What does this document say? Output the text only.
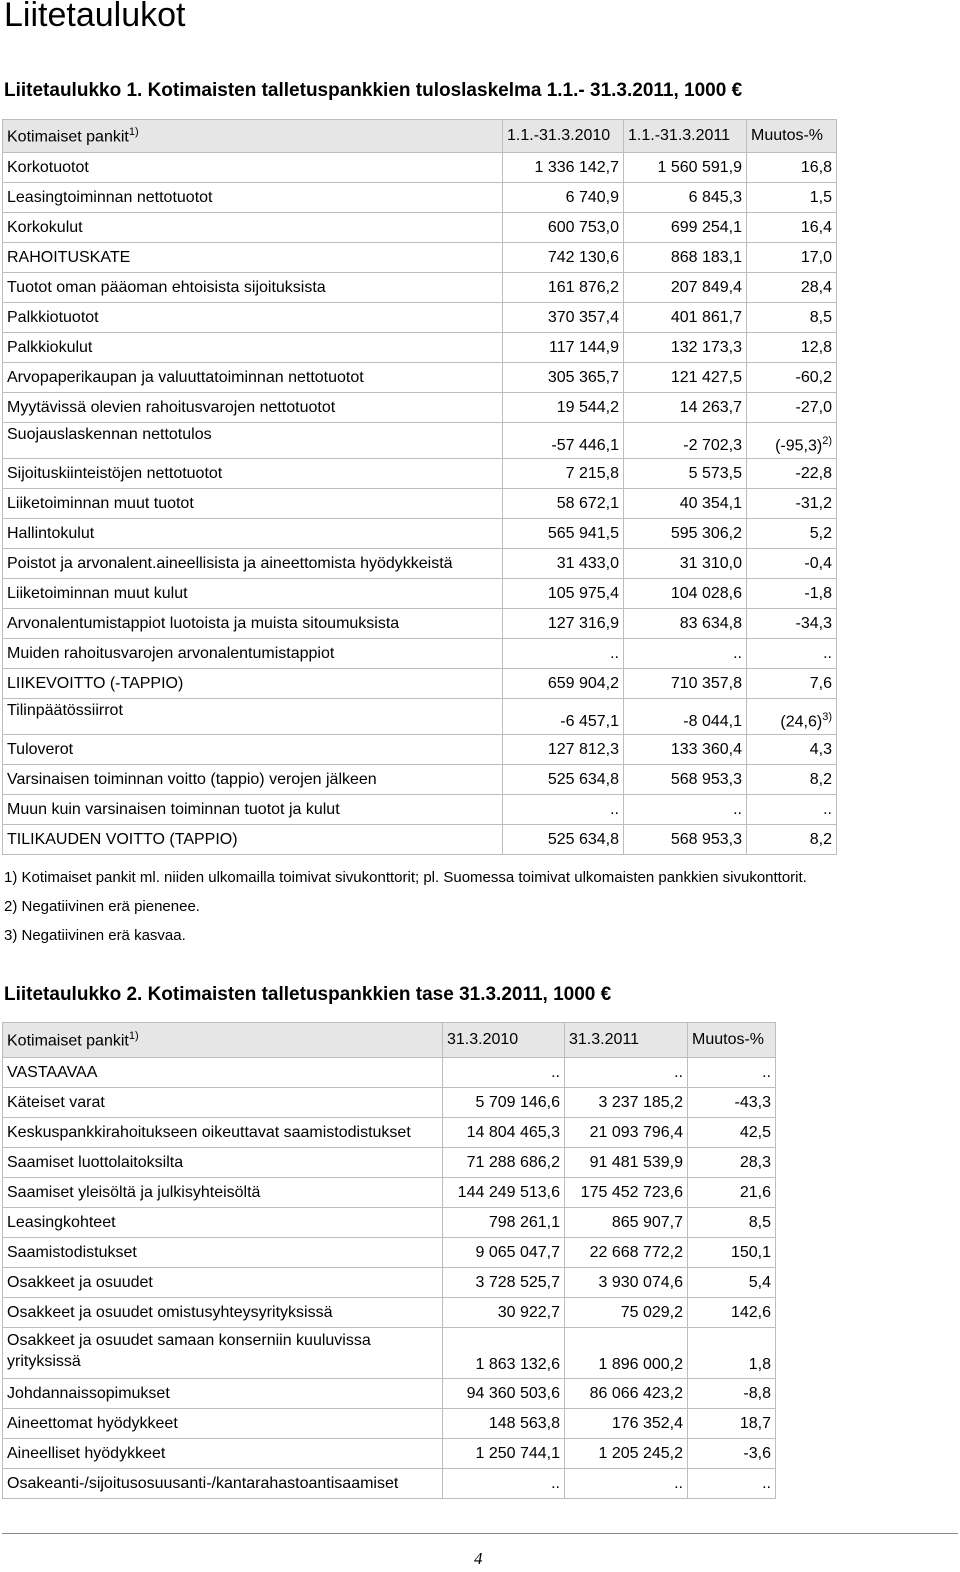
Liitetaulukot
Liitetaulukko 1. Kotimaisten talletuspankkien tuloslaskelma 1.1.- 31.3.2011, 1000 €
Kotimaiset pankit$^{1)}$	1.1.-31.3.2010	1.1.-31.3.2011	Muutos-%
Korkotuotot	1 336 142,7	1 560 591,9	16,8
Leasingtoiminnan nettotuotot	6 740,9	6 845,3	1,5
Korkokulut	600 753,0	699 254,1	16,4
RAHOITUSKATE	742 130,6	868 183,1	17,0
Tuotot oman pääoman ehtoisista sijoituksista	161 876,2	207 849,4	28,4
Palkkiotuotot	370 357,4	401 861,7	8,5
Palkkiokulut	117 144,9	132 173,3	12,8
Arvopaperikaupan ja valuuttatoiminnan nettotuotot	305 365,7	121 427,5	-60,2
Myytävissä olevien rahoitusvarojen nettotuotot	19 544,2	14 263,7	-27,0
Suojauslaskennan nettotulos	-57 446,1	-2 702,3	$(-95,3)^{2)}$
Sijoituskiinteistöjen nettotuotot	7 215,8	5 573,5	-22,8
Liiketoiminnan muut tuotot	58 672,1	40 354,1	-31,2
Hallintokulut	565 941,5	595 306,2	5,2
Poistot ja arvonalent.aineellisista ja aineettomista hyödykkeistä	31 433,0	31 310,0	-0,4
Liiketoiminnan muut kulut	105 975,4	104 028,6	-1,8
Arvonalentumistappiot luotoista ja muista sitoumuksista	127 316,9	83 634,8	-34,3
Muiden rahoitusvarojen arvonalentumistappiot	..	..	..
LIIKEVOITTO (-TAPPIO)	659 904,2	710 357,8	7,6
Tilinpäätössiirrot	-6 457,1	-8 044,1	$(24,6)^{3)}$
Tuloverot	127 812,3	133 360,4	4,3
Varsinaisen toiminnan voitto (tappio) verojen jälkeen	525 634,8	568 953,3	8,2
Muun kuin varsinaisen toiminnan tuotot ja kulut	..	..	..
TILIKAUDEN VOITTO (TAPPIO)	525 634,8	568 953,3	8,2
1) Kotimaiset pankit ml. niiden ulkomailla toimivat sivukonttorit; pl. Suomessa toimivat ulkomaisten pankkien sivukonttorit.
2) Negatiivinen erä pienenee.
3) Negatiivinen erä kasvaa.
Liitetaulukko 2. Kotimaisten talletuspankkien tase 31.3.2011, 1000 €
Kotimaiset pankit$^{1)}$	31.3.2010	31.3.2011	Muutos-%
VASTAAVAA	..	..	..
Käteiset varat	5 709 146,6	3 237 185,2	-43,3
Keskuspankkirahoitukseen oikeuttavat saamistodistukset	14 804 465,3	21 093 796,4	42,5
Saamiset luottolaitoksilta	71 288 686,2	91 481 539,9	28,3
Saamiset yleisöltä ja julkisyhteisöltä	144 249 513,6	175 452 723,6	21,6
Leasingkohteet	798 261,1	865 907,7	8,5
Saamistodistukset	9 065 047,7	22 668 772,2	150,1
Osakkeet ja osuudet	3 728 525,7	3 930 074,6	5,4
Osakkeet ja osuudet omistusyhteysyrityksissä	30 922,7	75 029,2	142,6
Osakkeet ja osuudet samaan konserniin kuuluvissa yrityksissä	1 863 132,6	1 896 000,2	1,8
Johdannaissopimukset	94 360 503,6	86 066 423,2	-8,8
Aineettomat hyödykkeet	148 563,8	176 352,4	18,7
Aineelliset hyödykkeet	1 250 744,1	1 205 245,2	-3,6
Osakeanti-/sijoitusosuusanti-/kantarahastoantisaamiset	..	..	..
4
